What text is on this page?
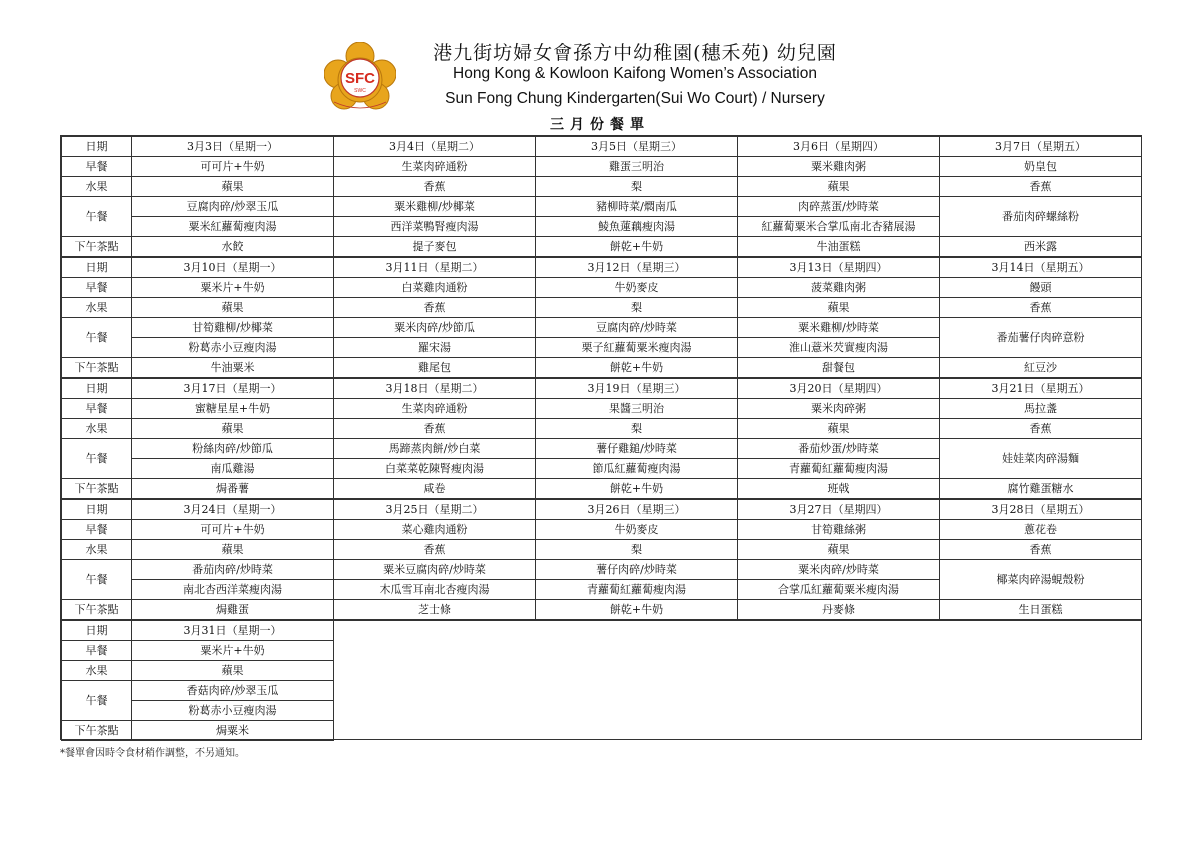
SFC
SWC
港九街坊婦女會孫方中幼稚園(穗禾苑) 幼兒園
Hong Kong & Kowloon Kaifong Women’s Association
Sun Fong Chung Kindergarten(Sui Wo Court) / Nursery
三月份餐單
日期	3月3日（星期一）	3月4日（星期二）	3月5日（星期三）	3月6日（星期四）	3月7日（星期五）
早餐	可可片+牛奶	生菜肉碎通粉	雞蛋三明治	粟米雞肉粥	奶皇包
水果	蘋果	香蕉	梨	蘋果	香蕉
午餐	豆腐肉碎/炒翠玉瓜	粟米雞柳/炒椰菜	豬柳時菜/燜南瓜	肉碎蒸蛋/炒時菜	番茄肉碎螺絲粉
	粟米紅蘿蔔瘦肉湯	西洋菜鴨腎瘦肉湯	鯪魚蓮藕瘦肉湯	紅蘿蔔粟米合掌瓜南北杏豬展湯	
下午茶點	水餃	提子麥包	餅乾+牛奶	牛油蛋糕	西米露
日期	3月10日（星期一）	3月11日（星期二）	3月12日（星期三）	3月13日（星期四）	3月14日（星期五）
早餐	粟米片+牛奶	白菜雞肉通粉	牛奶麥皮	菠菜雞肉粥	饅頭
水果	蘋果	香蕉	梨	蘋果	香蕉
午餐	甘筍雞柳/炒椰菜	粟米肉碎/炒節瓜	豆腐肉碎/炒時菜	粟米雞柳/炒時菜	番茄薯仔肉碎意粉
	粉葛赤小豆瘦肉湯	羅宋湯	栗子紅蘿蔔粟米瘦肉湯	淮山薏米芡實瘦肉湯	
下午茶點	牛油粟米	雞尾包	餅乾+牛奶	甜餐包	紅豆沙
日期	3月17日（星期一）	3月18日（星期二）	3月19日（星期三）	3月20日（星期四）	3月21日（星期五）
早餐	蜜糖星星+牛奶	生菜肉碎通粉	果醬三明治	粟米肉碎粥	馬拉盞
水果	蘋果	香蕉	梨	蘋果	香蕉
午餐	粉絲肉碎/炒節瓜	馬蹄蒸肉餅/炒白菜	薯仔雞鎚/炒時菜	番茄炒蛋/炒時菜	娃娃菜肉碎湯麵
	南瓜雞湯	白菜菜乾陳腎瘦肉湯	節瓜紅蘿蔔瘦肉湯	青蘿蔔紅蘿蔔瘦肉湯	
下午茶點	焗番薯	咸卷	餅乾+牛奶	班戟	腐竹雞蛋糖水
日期	3月24日（星期一）	3月25日（星期二）	3月26日（星期三）	3月27日（星期四）	3月28日（星期五）
早餐	可可片+牛奶	菜心雞肉通粉	牛奶麥皮	甘筍雞絲粥	蔥花卷
水果	蘋果	香蕉	梨	蘋果	香蕉
午餐	番茄肉碎/炒時菜	粟米豆腐肉碎/炒時菜	薯仔肉碎/炒時菜	粟米肉碎/炒時菜	椰菜肉碎湯蜆殼粉
	南北杏西洋菜瘦肉湯	木瓜雪耳南北杏瘦肉湯	青蘿蔔紅蘿蔔瘦肉湯	合掌瓜紅蘿蔔粟米瘦肉湯	
下午茶點	焗雞蛋	芝士條	餅乾+牛奶	丹麥條	生日蛋糕
日期	3月31日（星期一）				
早餐	粟米片+牛奶				
水果	蘋果				
午餐	香菇肉碎/炒翠玉瓜				
	粉葛赤小豆瘦肉湯				
下午茶點	焗粟米				
*餐單會因時令食材稍作調整，不另通知。
